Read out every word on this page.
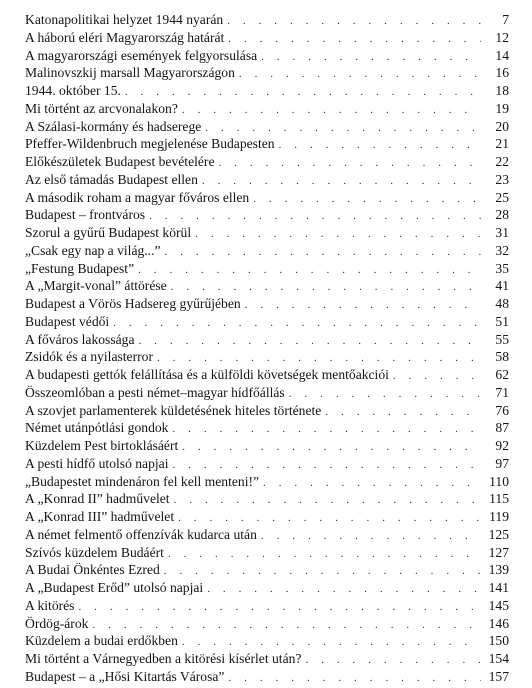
Katonapolitikai helyzet 1944 nyarán . . .	7
A háború eléri Magyarország határát . . .	12
A magyarországi események felgyorsulása . . .	14
Malinovszkij marsall Magyarországon . . .	16
1944. október 15. . . .	18
Mi történt az arcvonalakon? . . .	19
A Szálasi-kormány és hadserege . . .	20
Pfeffer-Wildenbruch megjelenése Budapesten . . .	21
Előkészületek Budapest bevételére . . .	22
Az első támadás Budapest ellen . . .	23
A második roham a magyar főváros ellen . . .	25
Budapest – frontváros . . .	28
Szorul a gyűrű Budapest körül . . .	31
„Csak egy nap a világ...” . . .	32
„Festung Budapest” . . .	35
A „Margit-vonal” áttörése . . .	41
Budapest a Vörös Hadsereg gyűrűjében . . .	48
Budapest védői . . .	51
A főváros lakossága . . .	55
Zsidók és a nyilasterror . . .	58
A budapesti gettók felállítása és a külföldi követségek mentőakciói . . .	62
Összeomlóban a pesti német–magyar hídfőállás . . .	71
A szovjet parlamenterek küldetésének hiteles története . . .	76
Német utánpótlási gondok . . .	87
Küzdelem Pest birtoklásáért . . .	92
A pesti hídfő utolsó napjai . . .	97
„Budapestet mindenáron fel kell menteni!” . . .	110
A „Konrad II” hadművelet . . .	115
A „Konrad III” hadművelet . . .	119
A német felmentő offenzívák kudarca után . . .	125
Szívós küzdelem Budáért . . .	127
A Budai Önkéntes Ezred . . .	139
A „Budapest Erőd” utolsó napjai . . .	141
A kitörés . . .	145
Ördög-árok . . .	146
Küzdelem a budai erdőkben . . .	150
Mi történt a Várnegyedben a kitörési kísérlet után? . . .	154
Budapest – a „Hősi Kitartás Városa” . . .	157
